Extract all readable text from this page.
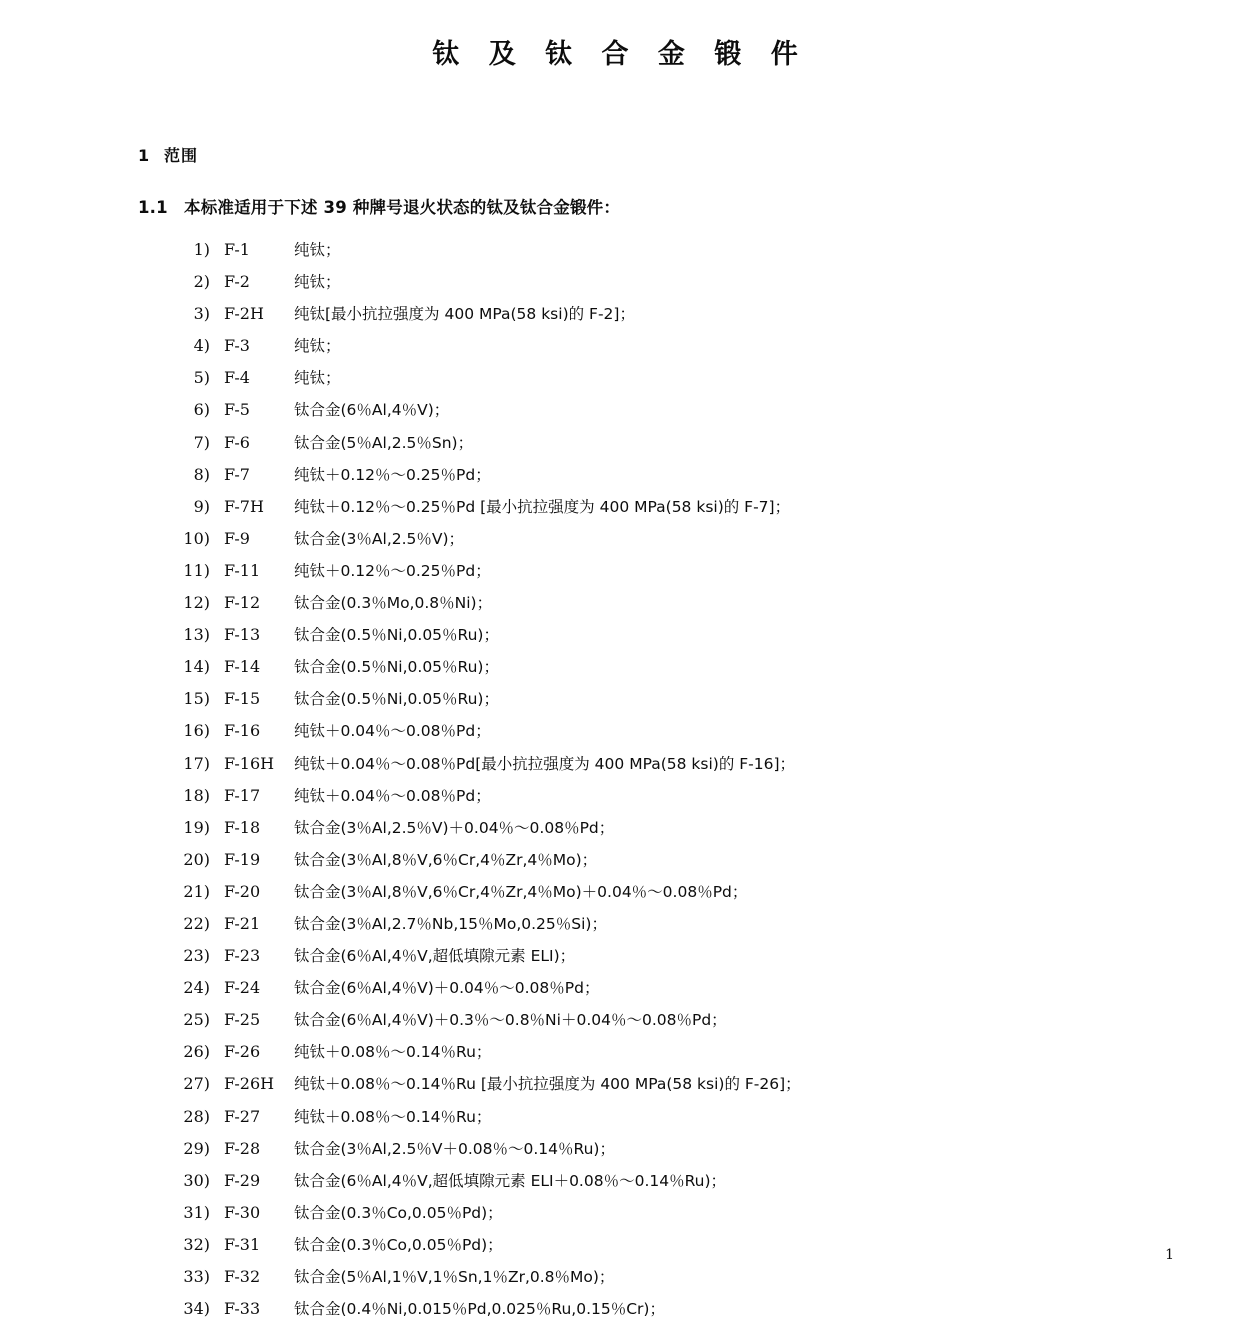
钛 及 钛 合 金 锻 件
1 范围
1.1 本标准适用于下述 39 种牌号退火状态的钛及钛合金锻件：
1) F-1	纯钛；
2) F-2	纯钛；
3) F-2H	纯钛[最小抗拉强度为 400 MPa(58 ksi)的 F-2]；
4) F-3	纯钛；
5) F-4	纯钛；
6) F-5	钛合金(6％Al,4％V)；
7) F-6	钛合金(5％Al,2.5％Sn)；
8) F-7	纯钛＋0.12％～0.25％Pd；
9) F-7H	纯钛＋0.12％～0.25％Pd [最小抗拉强度为 400 MPa(58 ksi)的 F-7]；
10) F-9	钛合金(3％Al,2.5％V)；
11) F-11	纯钛＋0.12％～0.25％Pd；
12) F-12	钛合金(0.3％Mo,0.8％Ni)；
13) F-13	钛合金(0.5％Ni,0.05％Ru)；
14) F-14	钛合金(0.5％Ni,0.05％Ru)；
15) F-15	钛合金(0.5％Ni,0.05％Ru)；
16) F-16	纯钛＋0.04％～0.08％Pd；
17) F-16H	纯钛＋0.04％～0.08％Pd[最小抗拉强度为 400 MPa(58 ksi)的 F-16]；
18) F-17	纯钛＋0.04％～0.08％Pd；
19) F-18	钛合金(3％Al,2.5％V)＋0.04％～0.08％Pd；
20) F-19	钛合金(3％Al,8％V,6％Cr,4％Zr,4％Mo)；
21) F-20	钛合金(3％Al,8％V,6％Cr,4％Zr,4％Mo)＋0.04％～0.08％Pd；
22) F-21	钛合金(3％Al,2.7％Nb,15％Mo,0.25％Si)；
23) F-23	钛合金(6％Al,4％V,超低填隙元素 ELI)；
24) F-24	钛合金(6％Al,4％V)＋0.04％～0.08％Pd；
25) F-25	钛合金(6％Al,4％V)＋0.3％～0.8％Ni＋0.04％～0.08％Pd；
26) F-26	纯钛＋0.08％～0.14％Ru；
27) F-26H	纯钛＋0.08％～0.14％Ru [最小抗拉强度为 400 MPa(58 ksi)的 F-26]；
28) F-27	纯钛＋0.08％～0.14％Ru；
29) F-28	钛合金(3％Al,2.5％V＋0.08％～0.14％Ru)；
30) F-29	钛合金(6％Al,4％V,超低填隙元素 ELI＋0.08％～0.14％Ru)；
31) F-30	钛合金(0.3％Co,0.05％Pd)；
32) F-31	钛合金(0.3％Co,0.05％Pd)；
33) F-32	钛合金(5％Al,1％V,1％Sn,1％Zr,0.8％Mo)；
34) F-33	钛合金(0.4％Ni,0.015％Pd,0.025％Ru,0.15％Cr)；
1
